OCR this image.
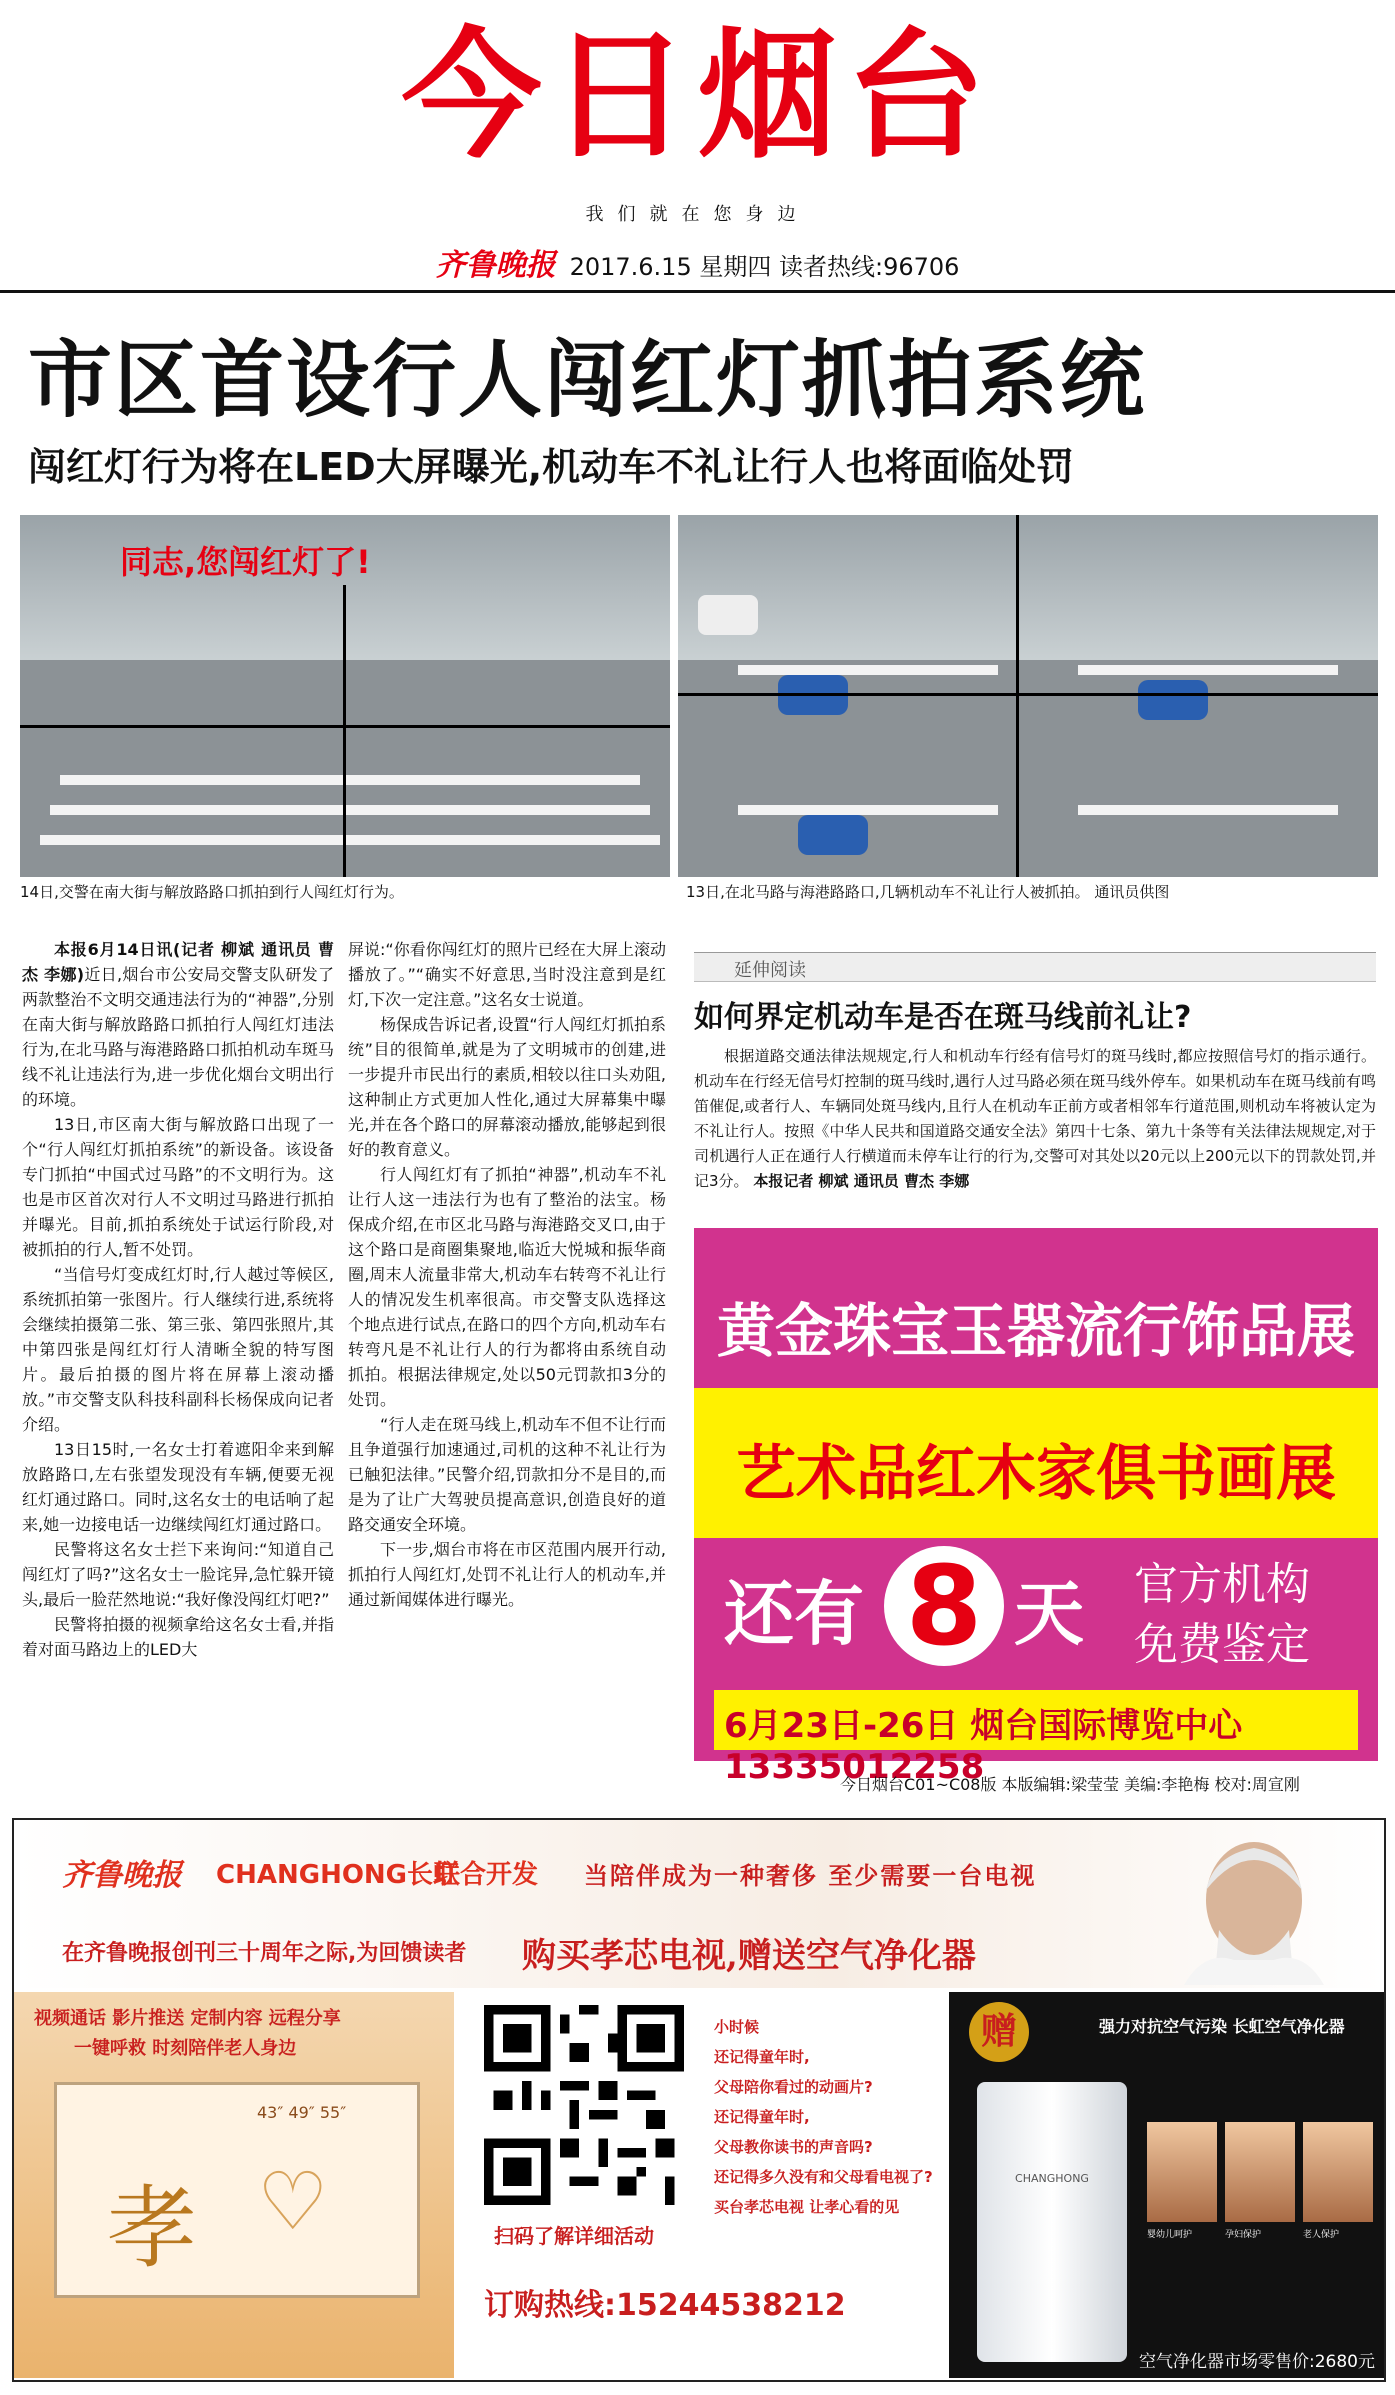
今日烟台
我们就在您身边
齐鲁晚报 2017.6.15 星期四 读者热线:96706
市区首设行人闯红灯抓拍系统
闯红灯行为将在LED大屏曝光,机动车不礼让行人也将面临处罚
同志,您闯红灯了!
14日,交警在南大街与解放路路口抓拍到行人闯红灯行为。	13日,在北马路与海港路路口,几辆机动车不礼让行人被抓拍。 通讯员供图

本报6月14日讯(记者 柳斌 通讯员 曹杰 李娜)近日,烟台市公安局交警支队研发了两款整治不文明交通违法行为的“神器”,分别在南大街与解放路路口抓拍行人闯红灯违法行为,在北马路与海港路路口抓拍机动车斑马线不礼让违法行为,进一步优化烟台文明出行的环境。

13日,市区南大街与解放路口出现了一个“行人闯红灯抓拍系统”的新设备。该设备专门抓拍“中国式过马路”的不文明行为。这也是市区首次对行人不文明过马路进行抓拍并曝光。目前,抓拍系统处于试运行阶段,对被抓拍的行人,暂不处罚。

“当信号灯变成红灯时,行人越过等候区,系统抓拍第一张图片。行人继续行进,系统将会继续拍摄第二张、第三张、第四张照片,其中第四张是闯红灯行人清晰全貌的特写图片。最后拍摄的图片将在屏幕上滚动播放。”市交警支队科技科副科长杨保成向记者介绍。

13日15时,一名女士打着遮阳伞来到解放路路口,左右张望发现没有车辆,便要无视红灯通过路口。同时,这名女士的电话响了起来,她一边接电话一边继续闯红灯通过路口。

民警将这名女士拦下来询问:“知道自己闯红灯了吗?”这名女士一脸诧异,急忙躲开镜头,最后一脸茫然地说:“我好像没闯红灯吧?”

民警将拍摄的视频拿给这名女士看,并指着对面马路边上的LED大

屏说:“你看你闯红灯的照片已经在大屏上滚动播放了。”“确实不好意思,当时没注意到是红灯,下次一定注意。”这名女士说道。

杨保成告诉记者,设置“行人闯红灯抓拍系统”目的很简单,就是为了文明城市的创建,进一步提升市民出行的素质,相较以往口头劝阻,这种制止方式更加人性化,通过大屏幕集中曝光,并在各个路口的屏幕滚动播放,能够起到很好的教育意义。

行人闯红灯有了抓拍“神器”,机动车不礼让行人这一违法行为也有了整治的法宝。杨保成介绍,在市区北马路与海港路交叉口,由于这个路口是商圈集聚地,临近大悦城和振华商圈,周末人流量非常大,机动车右转弯不礼让行人的情况发生机率很高。市交警支队选择这个地点进行试点,在路口的四个方向,机动车右转弯凡是不礼让行人的行为都将由系统自动抓拍。根据法律规定,处以50元罚款扣3分的处罚。

“行人走在斑马线上,机动车不但不让行而且争道强行加速通过,司机的这种不礼让行为已触犯法律。”民警介绍,罚款扣分不是目的,而是为了让广大驾驶员提高意识,创造良好的道路交通安全环境。

下一步,烟台市将在市区范围内展开行动,抓拍行人闯红灯,处罚不礼让行人的机动车,并通过新闻媒体进行曝光。

延伸阅读
如何界定机动车是否在斑马线前礼让?

根据道路交通法律法规规定,行人和机动车行经有信号灯的斑马线时,都应按照信号灯的指示通行。机动车在行经无信号灯控制的斑马线时,遇行人过马路必须在斑马线外停车。如果机动车在斑马线前有鸣笛催促,或者行人、车辆同处斑马线内,且行人在机动车正前方或者相邻车行道范围,则机动车将被认定为不礼让行人。按照《中华人民共和国道路交通安全法》第四十七条、第九十条等有关法律法规规定,对于司机遇行人正在通行人行横道而未停车让行的行为,交警可对其处以20元以上200元以下的罚款处罚,并记3分。 本报记者 柳斌 通讯员 曹杰 李娜

黄金珠宝玉器流行饰品展
艺术品红木家俱书画展
还有 8 天 官方机构
免费鉴定
6月23日-26日 烟台国际博览中心 13335012258
今日烟台C01~C08版 本版编辑:梁莹莹 美编:李艳梅 校对:周宣刚
齐鲁晚报 CHANGHONG长虹
联合开发 当陪伴成为一种奢侈 至少需要一台电视
在齐鲁晚报创刊三十周年之际,为回馈读者 购买孝芯电视,赠送空气净化器
视频通话 影片推送 定制内容 远程分享
一键呼救 时刻陪伴老人身边
43″ 49″ 55″
孝 ♡	扫码了解详细活动
小时候
还记得童年时,
父母陪你看过的动画片?
还记得童年时,
父母教你读书的声音吗?
还记得多久没有和父母看电视了?
买台孝芯电视 让孝心看的见
订购热线:15244538212
赠	强力对抗空气污染 长虹空气净化器
CHANGHONG
婴幼儿呵护	孕妇保护	老人保护
空气净化器市场零售价:2680元
